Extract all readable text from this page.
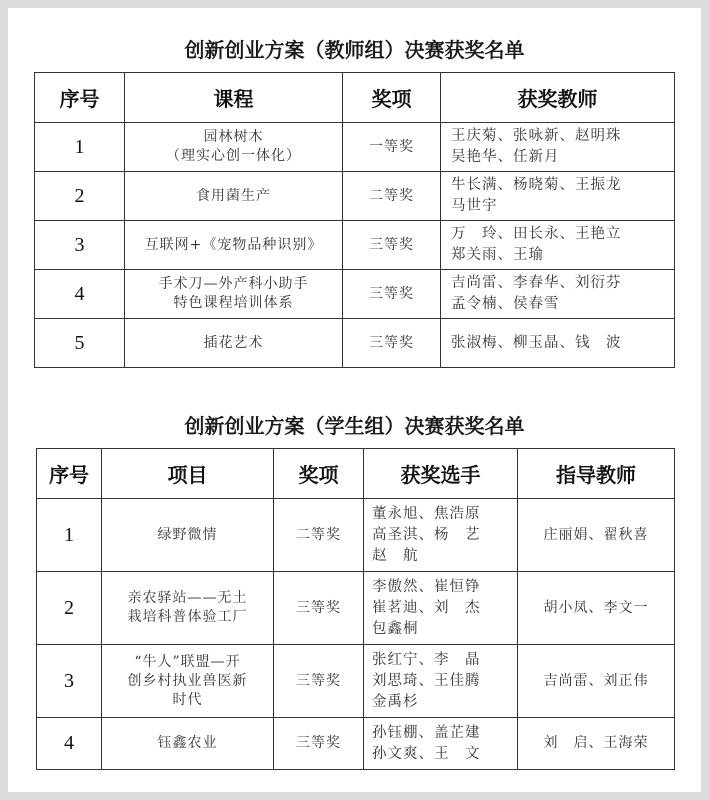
创新创业方案（教师组）决赛获奖名单
序号	课程	奖项	获奖教师
1	园林树木
（理实心创一体化）	一等奖	王庆菊、张咏新、赵明珠
吴艳华、任新月

2	食用菌生产	二等奖	牛长满、杨晓菊、王振龙
马世宇

3	互联网+《宠物品种识别》	三等奖	万　玲、田长永、王艳立
郑关雨、王瑜

4	手术刀—外产科小助手
特色课程培训体系	三等奖	吉尚雷、李春华、刘衍芬
孟令楠、侯春雪

5	插花艺术	三等奖	张淑梅、柳玉晶、钱　波
创新创业方案（学生组）决赛获奖名单
序号	项目	奖项	获奖选手	指导教师
1	绿野微情	二等奖	董永旭、焦浩原
高圣淇、杨　艺
赵　航	庄丽娟、翟秋喜
2	亲农驿站——无土
栽培科普体验工厂	三等奖	李傲然、崔恒铮
崔茗迪、刘　杰
包鑫桐	胡小凤、李文一
3	“牛人”联盟—开
创乡村执业兽医新
时代	三等奖	张红宁、李　晶
刘思琦、王佳腾
金禹杉	吉尚雷、刘正伟
4	钰鑫农业	三等奖	孙钰棚、盖芷建
孙文爽、王　文	刘　启、王海荣
